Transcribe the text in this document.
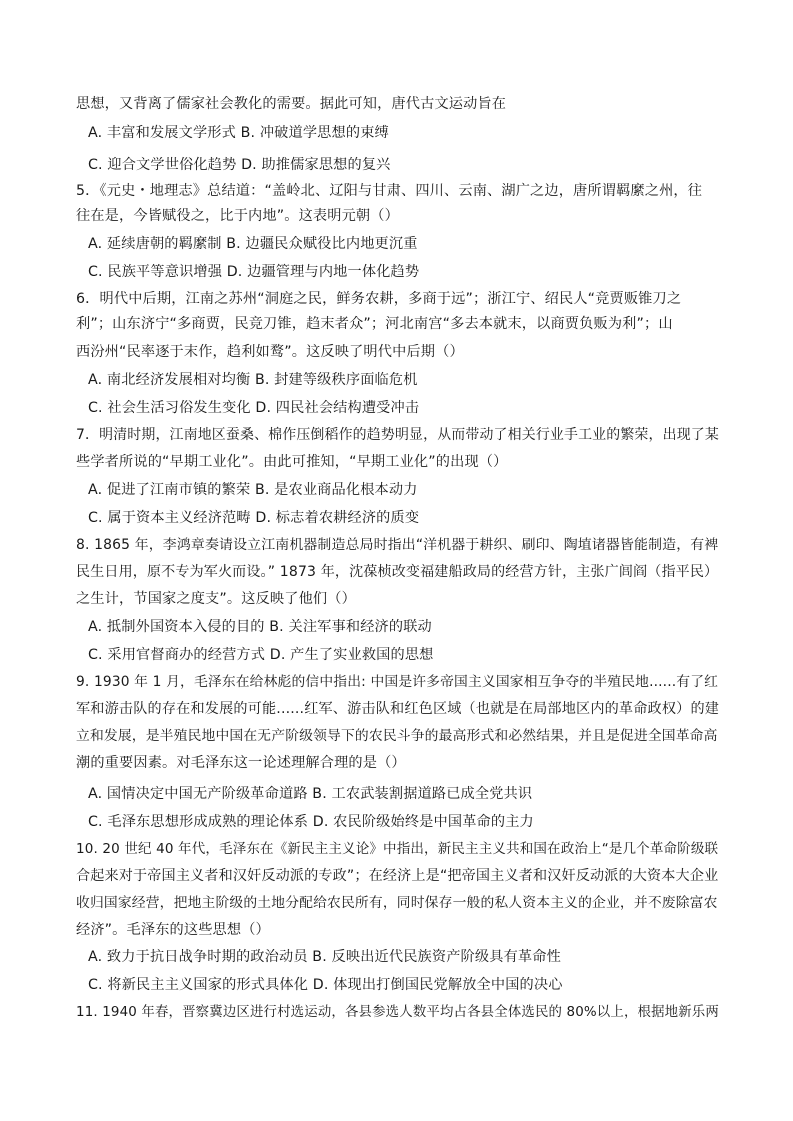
思想，又背离了儒家社会教化的需要。据此可知，唐代古文运动旨在
A. 丰富和发展文学形式 B. 冲破道学思想的束缚
C. 迎合文学世俗化趋势 D. 助推儒家思想的复兴
5．《元史・地理志》总结道：“盖岭北、辽阳与甘肃、四川、云南、湖广之边，唐所谓羁縻之州，往
往在是，今皆赋役之，比于内地”。这表明元朝（）
A. 延续唐朝的羁縻制 B. 边疆民众赋役比内地更沉重
C. 民族平等意识增强 D. 边疆管理与内地一体化趋势
6．明代中后期，江南之苏州“洞庭之民，鲜务农耕，多商于远”；浙江宁、绍民人“竞贾贩锥刀之
利”；山东济宁“多商贾，民竞刀锥，趋末者众”；河北南宫“多去本就末，以商贾负贩为利”；山
西汾州“民率逐于末作，趋利如鹜”。这反映了明代中后期（）
A. 南北经济发展相对均衡 B. 封建等级秩序面临危机
C. 社会生活习俗发生变化 D. 四民社会结构遭受冲击
7．明清时期，江南地区蚕桑、棉作压倒稻作的趋势明显，从而带动了相关行业手工业的繁荣，出现了某
些学者所说的“早期工业化”。由此可推知，“早期工业化”的出现（）
A. 促进了江南市镇的繁荣 B. 是农业商品化根本动力
C. 属于资本主义经济范畴 D. 标志着农耕经济的质变
8. 1865 年，李鸿章奏请设立江南机器制造总局时指出“洋机器于耕织、刷印、陶埴诸器皆能制造，有裨
民生日用，原不专为军火而设。” 1873 年，沈葆桢改变福建船政局的经营方针，主张广闾阎（指平民）
之生计，节国家之度支”。这反映了他们（）
A. 抵制外国资本入侵的目的 B. 关注军事和经济的联动
C. 采用官督商办的经营方式 D. 产生了实业救国的思想
9. 1930 年 1 月，毛泽东在给林彪的信中指出: 中国是许多帝国主义国家相互争夺的半殖民地......有了红
军和游击队的存在和发展的可能......红军、游击队和红色区域（也就是在局部地区内的革命政权）的建
立和发展，是半殖民地中国在无产阶级领导下的农民斗争的最高形式和必然结果，并且是促进全国革命高
潮的重要因素。对毛泽东这一论述理解合理的是（）
A. 国情决定中国无产阶级革命道路 B. 工农武装割据道路已成全党共识
C. 毛泽东思想形成成熟的理论体系 D. 农民阶级始终是中国革命的主力
10. 20 世纪 40 年代，毛泽东在《新民主主义论》中指出，新民主主义共和国在政治上“是几个革命阶级联
合起来对于帝国主义者和汉奸反动派的专政”；在经济上是“把帝国主义者和汉奸反动派的大资本大企业
收归国家经营，把地主阶级的土地分配给农民所有，同时保存一般的私人资本主义的企业，并不废除富农
经济”。毛泽东的这些思想（）
A. 致力于抗日战争时期的政治动员 B. 反映出近代民族资产阶级具有革命性
C. 将新民主主义国家的形式具体化 D. 体现出打倒国民党解放全中国的决心
11. 1940 年春，晋察冀边区进行村选运动，各县参选人数平均占各县全体选民的 80%以上，根据地新乐两
